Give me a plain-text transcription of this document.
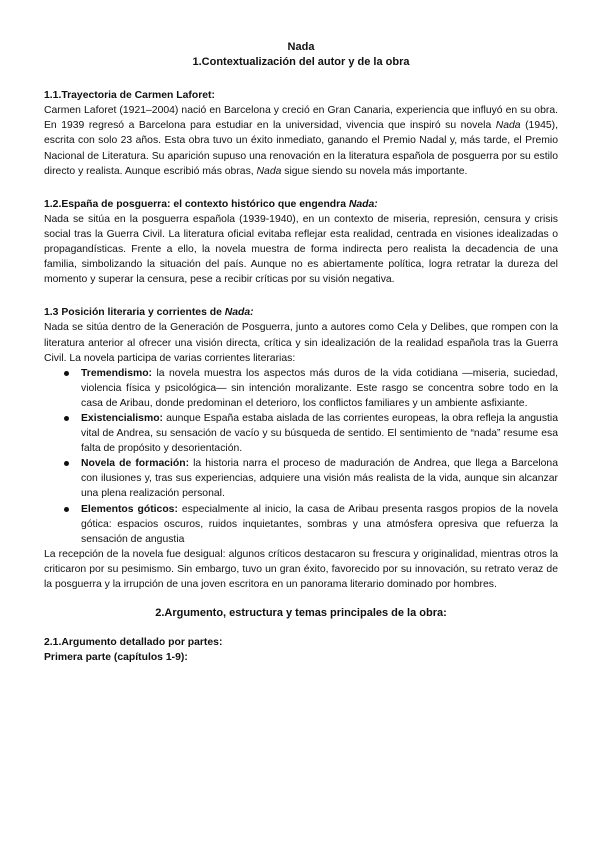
Nada
1.Contextualización del autor y de la obra
1.1.Trayectoria de Carmen Laforet:

Carmen Laforet (1921–2004) nació en Barcelona y creció en Gran Canaria, experiencia que influyó en su obra. En 1939 regresó a Barcelona para estudiar en la universidad, vivencia que inspiró su novela Nada (1945), escrita con solo 23 años. Esta obra tuvo un éxito inmediato, ganando el Premio Nadal y, más tarde, el Premio Nacional de Literatura. Su aparición supuso una renovación en la literatura española de posguerra por su estilo directo y realista. Aunque escribió más obras, Nada sigue siendo su novela más importante.

1.2.España de posguerra: el contexto histórico que engendra Nada:

Nada se sitúa en la posguerra española (1939-1940), en un contexto de miseria, represión, censura y crisis social tras la Guerra Civil. La literatura oficial evitaba reflejar esta realidad, centrada en visiones idealizadas o propagandísticas. Frente a ello, la novela muestra de forma indirecta pero realista la decadencia de una familia, simbolizando la situación del país. Aunque no es abiertamente política, logra retratar la dureza del momento y superar la censura, pese a recibir críticas por su visión negativa.

1.3 Posición literaria y corrientes de Nada:

Nada se sitúa dentro de la Generación de Posguerra, junto a autores como Cela y Delibes, que rompen con la literatura anterior al ofrecer una visión directa, crítica y sin idealización de la realidad española tras la Guerra Civil. La novela participa de varias corrientes literarias:

Tremendismo: la novela muestra los aspectos más duros de la vida cotidiana —miseria, suciedad, violencia física y psicológica— sin intención moralizante. Este rasgo se concentra sobre todo en la casa de Aribau, donde predominan el deterioro, los conflictos familiares y un ambiente asfixiante.
Existencialismo: aunque España estaba aislada de las corrientes europeas, la obra refleja la angustia vital de Andrea, su sensación de vacío y su búsqueda de sentido. El sentimiento de “nada” resume esa falta de propósito y desorientación.
Novela de formación: la historia narra el proceso de maduración de Andrea, que llega a Barcelona con ilusiones y, tras sus experiencias, adquiere una visión más realista de la vida, aunque sin alcanzar una plena realización personal.
Elementos góticos: especialmente al inicio, la casa de Aribau presenta rasgos propios de la novela gótica: espacios oscuros, ruidos inquietantes, sombras y una atmósfera opresiva que refuerza la sensación de angustia

La recepción de la novela fue desigual: algunos críticos destacaron su frescura y originalidad, mientras otros la criticaron por su pesimismo. Sin embargo, tuvo un gran éxito, favorecido por su innovación, su retrato veraz de la posguerra y la irrupción de una joven escritora en un panorama literario dominado por hombres.

2.Argumento, estructura y temas principales de la obra:
2.1.Argumento detallado por partes:
Primera parte (capítulos 1-9):
